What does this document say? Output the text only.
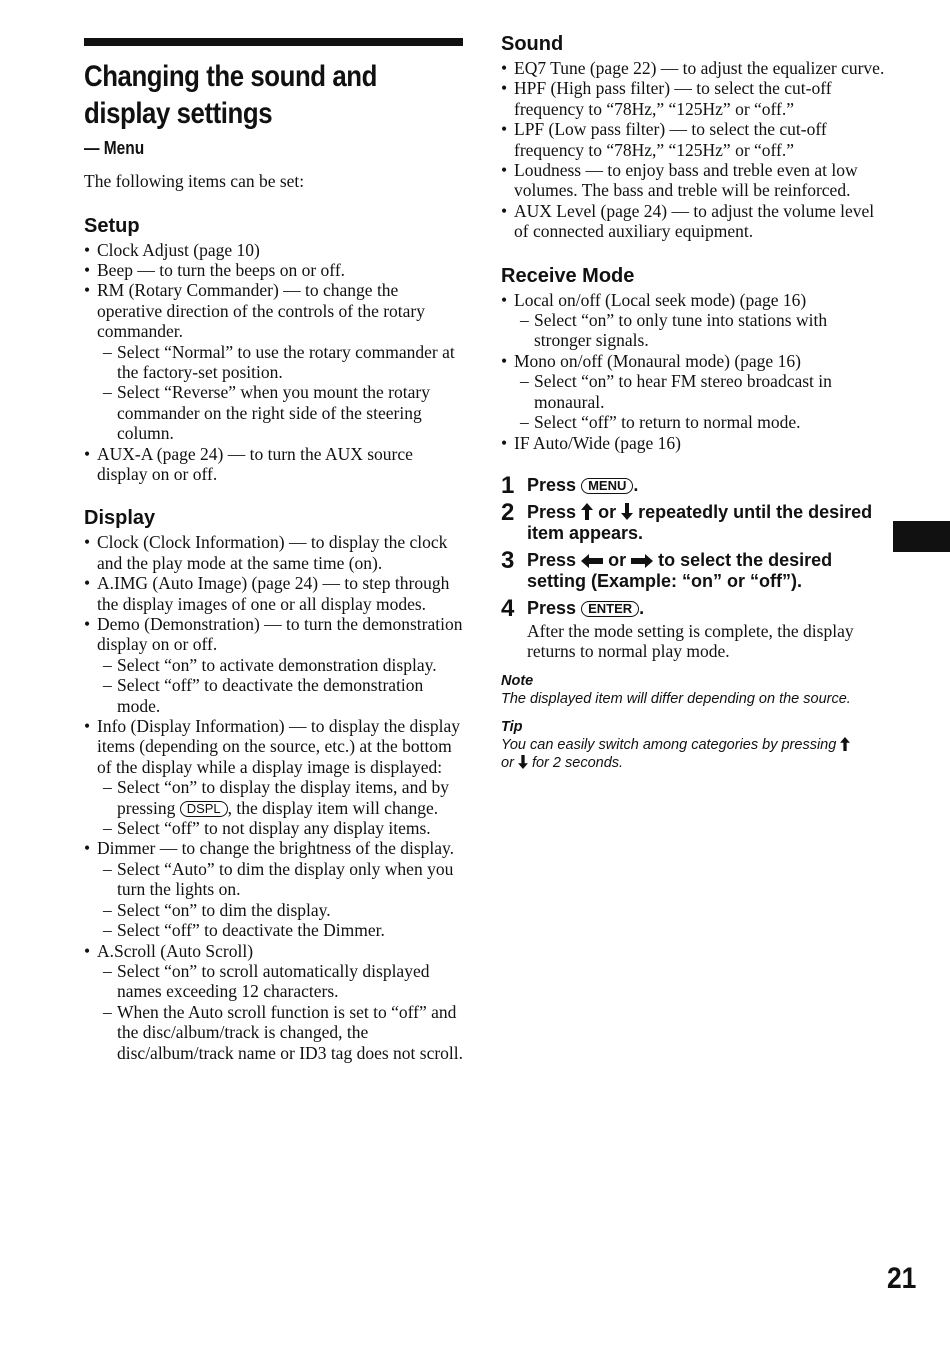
Changing the sound and
display settings
— Menu
The following items can be set:
Setup
• Clock Adjust (page 10)
• Beep — to turn the beeps on or off.
• RM (Rotary Commander) — to change the operative direction of the controls of the rotary commander.
– Select “Normal” to use the rotary commander at the factory-set position.
– Select “Reverse” when you mount the rotary commander on the right side of the steering column.
• AUX-A (page 24) — to turn the AUX source display on or off.
Display
• Clock (Clock Information) — to display the clock and the play mode at the same time (on).
• A.IMG (Auto Image) (page 24) — to step through the display images of one or all display modes.
• Demo (Demonstration) — to turn the demonstration display on or off.
– Select “on” to activate demonstration display.
– Select “off” to deactivate the demonstration mode.
• Info (Display Information) — to display the display items (depending on the source, etc.) at the bottom of the display while a display image is displayed:
– Select “on” to display the display items, and by pressing DSPL , the display item will change.
– Select “off” to not display any display items.
• Dimmer — to change the brightness of the display.
– Select “Auto” to dim the display only when you turn the lights on.
– Select “on” to dim the display.
– Select “off” to deactivate the Dimmer.
• A.Scroll (Auto Scroll)
– Select “on” to scroll automatically displayed names exceeding 12 characters.
– When the Auto scroll function is set to “off” and the disc/album/track is changed, the disc/album/track name or ID3 tag does not scroll.
Sound
• EQ7 Tune (page 22) — to adjust the equalizer curve.
• HPF (High pass filter) — to select the cut-off frequency to “78Hz,” “125Hz” or “off.”
• LPF (Low pass filter) — to select the cut-off frequency to “78Hz,” “125Hz” or “off.”
• Loudness — to enjoy bass and treble even at low volumes. The bass and treble will be reinforced.
• AUX Level (page 24) — to adjust the volume level of connected auxiliary equipment.
Receive Mode
• Local on/off (Local seek mode) (page 16)
– Select “on” to only tune into stations with stronger signals.
• Mono on/off (Monaural mode) (page 16)
– Select “on” to hear FM stereo broadcast in monaural.
– Select “off” to return to normal mode.
• IF Auto/Wide (page 16)
1 Press MENU .
2 Press or repeatedly until the desired item appears.
3 Press or to select the desired setting (Example: “on” or “off”).
4 Press ENTER .
After the mode setting is complete, the display returns to normal play mode.
Note
The displayed item will differ depending on the source.
Tip
You can easily switch among categories by pressing
or for 2 seconds.
21
